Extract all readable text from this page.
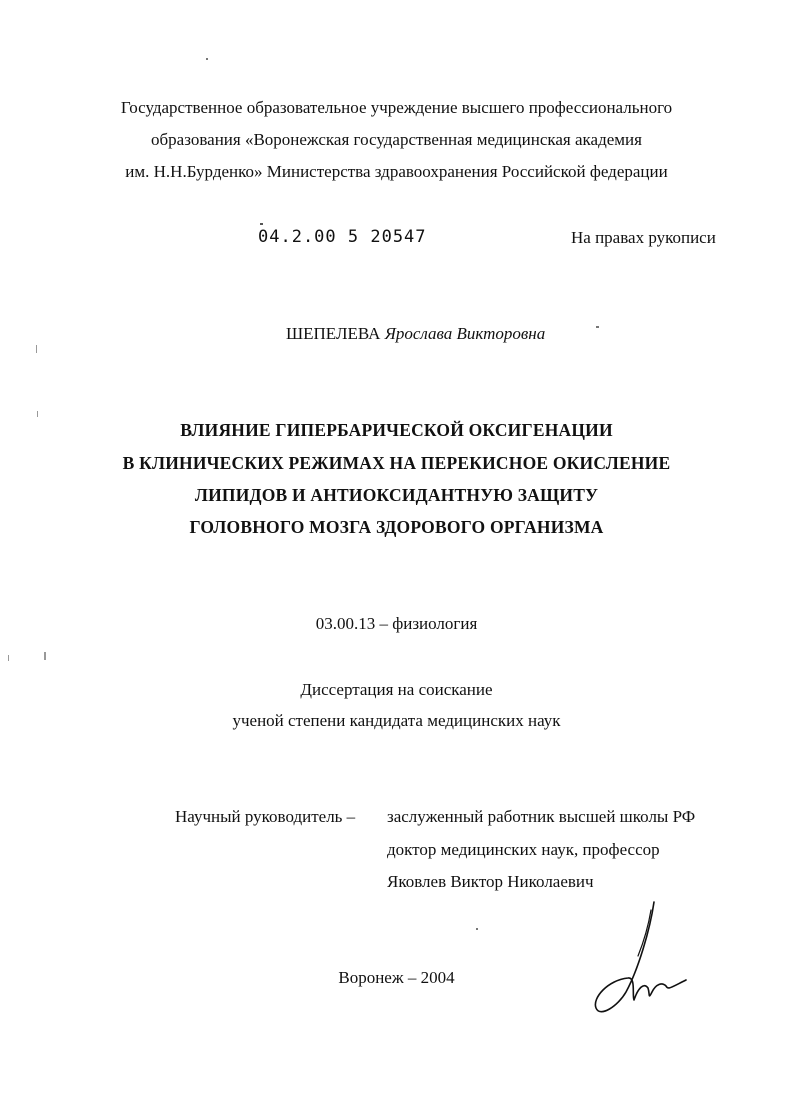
Государственное образовательное учреждение высшего профессионального
образования «Воронежская государственная медицинская академия
им. Н.Н.Бурденко» Министерства здравоохранения Российской федерации
04.2.00 5 20547	На правах рукописи
ШЕПЕЛЕВА Ярослава Викторовна
ВЛИЯНИЕ ГИПЕРБАРИЧЕСКОЙ ОКСИГЕНАЦИИ
В КЛИНИЧЕСКИХ РЕЖИМАХ НА ПЕРЕКИСНОЕ ОКИСЛЕНИЕ
ЛИПИДОВ И АНТИОКСИДАНТНУЮ ЗАЩИТУ
ГОЛОВНОГО МОЗГА ЗДОРОВОГО ОРГАНИЗМА
03.00.13 – физиология
Диссертация на соискание
ученой степени кандидата медицинских наук
Научный руководитель – заслуженный работник высшей школы РФ
доктор медицинских наук, профессор
Яковлев Виктор Николаевич
Воронеж – 2004
